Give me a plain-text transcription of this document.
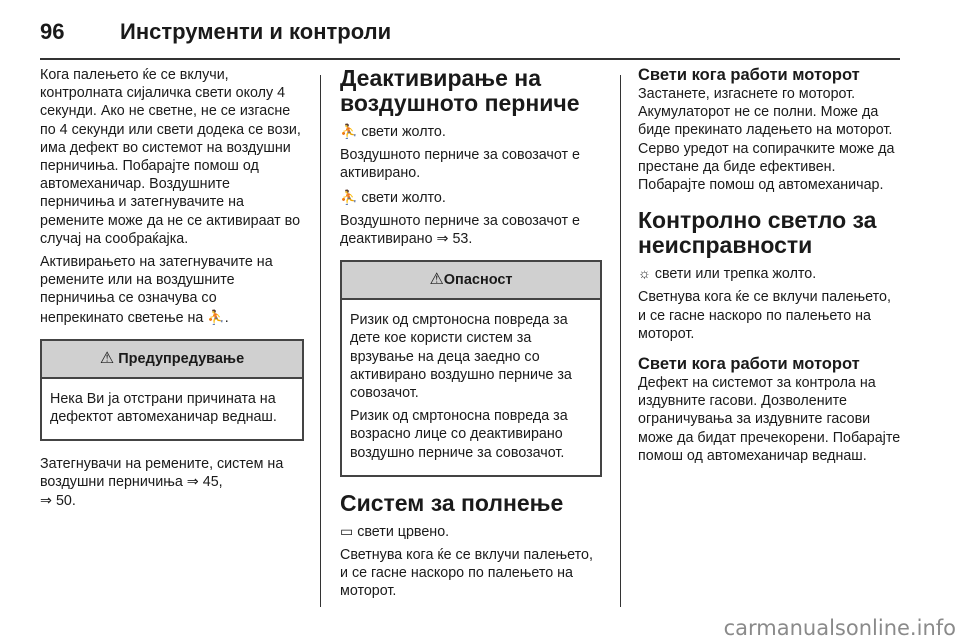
96	Инструменти и контроли

Кога палењето ќе се вклучи, контролната сијаличка свети околу 4 секунди. Ако не светне, не се изгасне по 4 секунди или свети додека се вози, има дефект во системот на воздушни перничиња. Побарајте помош од автомеханичар. Воздушните перничиња и затегнувачите на ремените може да не се активираат во случај на сообраќајка.

Активирањето на затегнувачите на ремените или на воздушните перничиња се означува со непрекинато светење на ⛹.

⚠ Предупредување

Нека Ви ја отстрани причината на дефектот автомеханичар веднаш.

Затегнувачи на ремените, систем на воздушни перничиња ⇒ 45,
⇒ 50.

Деактивирање на воздушното перниче

⛹ свети жолто.

Воздушното перниче за совозачот е активирано.

⛹ свети жолто.

Воздушното перниче за совозачот е деактивирано ⇒ 53.

⚠Опасност

Ризик од смртоносна повреда за дете кое користи систем за врзување на деца заедно со активирано воздушно перниче за совозачот.

Ризик од смртоносна повреда за возрасно лице со деактивирано воздушно перниче за совозачот.

Систем за полнење

▭ свети црвено.

Светнува кога ќе се вклучи палењето, и се гасне наскоро по палењето на моторот.

Свети кога работи моторот

Застанете, изгаснете го моторот. Акумулаторот не се полни. Може да биде прекинато ладењето на моторот. Серво уредот на сопирачките може да престане да биде ефективен. Побарајте помош од автомеханичар.

Контролно светло за неисправности

☼ свети или трепка жолто.

Светнува кога ќе се вклучи палењето, и се гасне наскоро по палењето на моторот.

Свети кога работи моторот

Дефект на системот за контрола на издувните гасови. Дозволените ограничувања за издувните гасови може да бидат пречекорени. Побарајте помош од автомеханичар веднаш.

carmanualsonline.info
